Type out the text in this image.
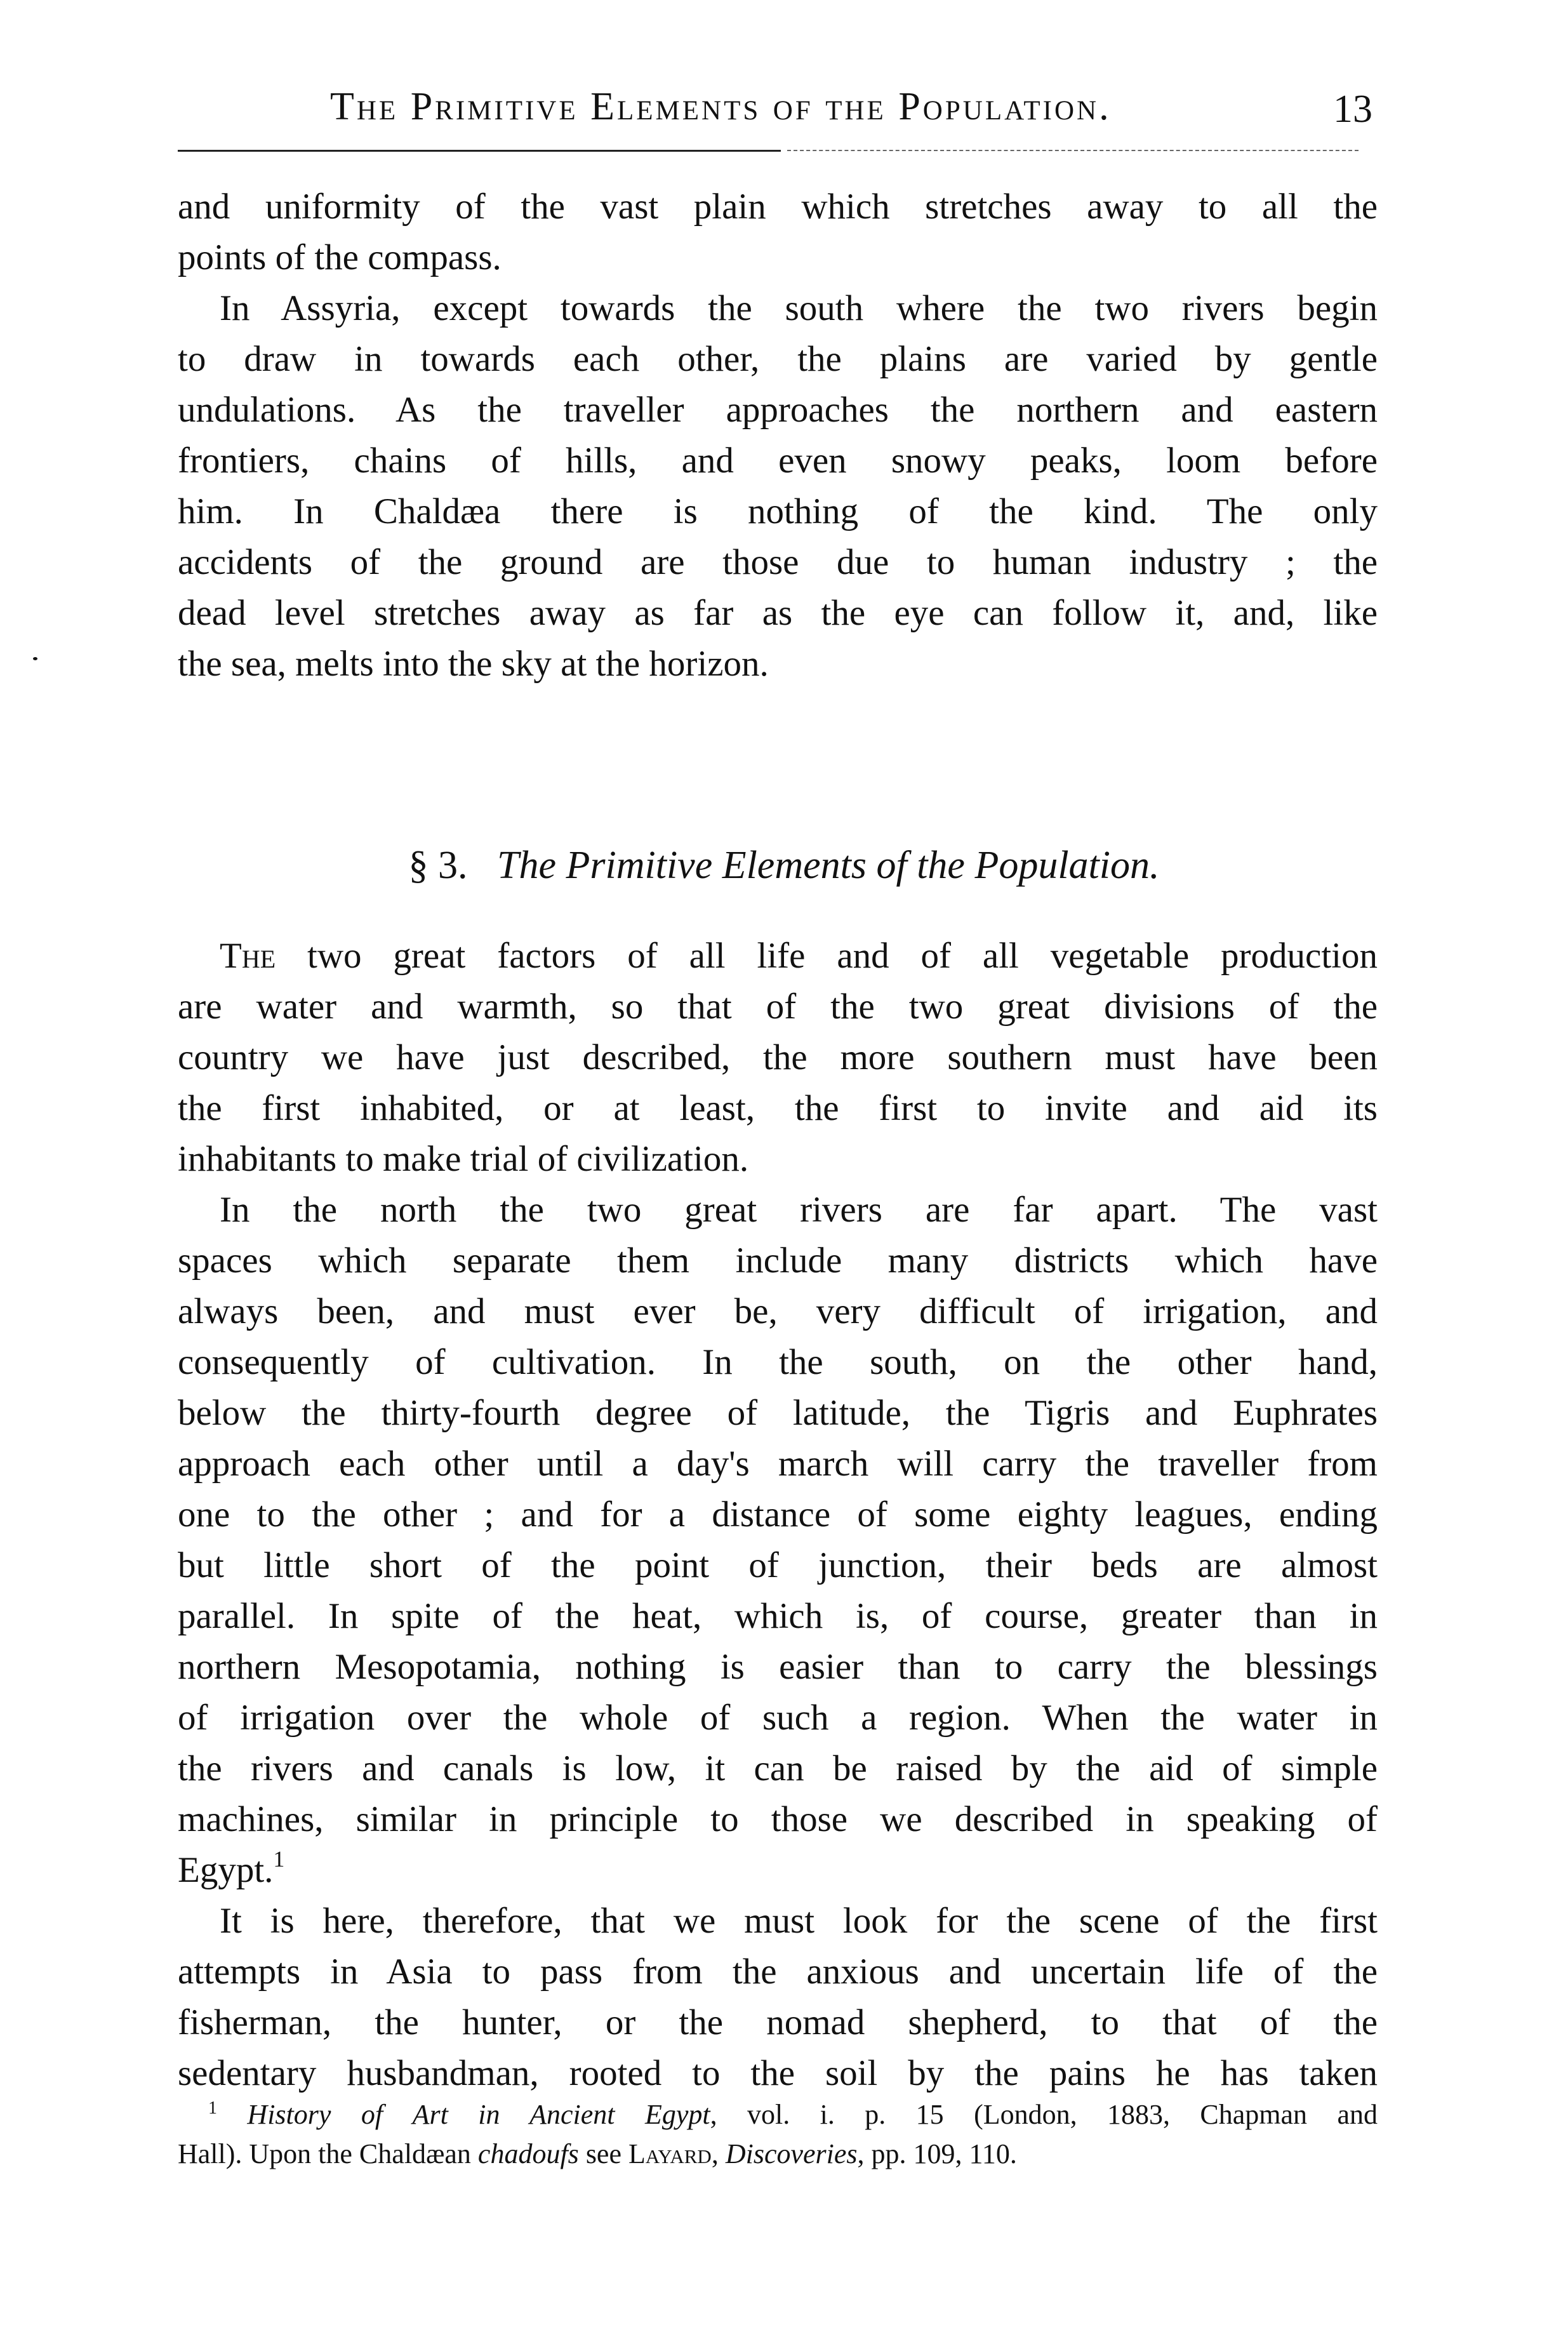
The Primitive Elements of the Population.	13
and uniformity of the vast plain which stretches away to all the
points of the compass.
In Assyria, except towards the south where the two rivers begin
to draw in towards each other, the plains are varied by gentle
undulations. As the traveller approaches the northern and eastern
frontiers, chains of hills, and even snowy peaks, loom before
him. In Chaldæa there is nothing of the kind. The only
accidents of the ground are those due to human industry ; the
dead level stretches away as far as the eye can follow it, and, like
the sea, melts into the sky at the horizon.
§ 3. The Primitive Elements of the Population.
The two great factors of all life and of all vegetable production
are water and warmth, so that of the two great divisions of the
country we have just described, the more southern must have been
the first inhabited, or at least, the first to invite and aid its
inhabitants to make trial of civilization.
In the north the two great rivers are far apart. The vast
spaces which separate them include many districts which have
always been, and must ever be, very difficult of irrigation, and
consequently of cultivation. In the south, on the other hand,
below the thirty-fourth degree of latitude, the Tigris and Euphrates
approach each other until a day's march will carry the traveller from
one to the other ; and for a distance of some eighty leagues, ending
but little short of the point of junction, their beds are almost
parallel. In spite of the heat, which is, of course, greater than in
northern Mesopotamia, nothing is easier than to carry the blessings
of irrigation over the whole of such a region. When the water in
the rivers and canals is low, it can be raised by the aid of simple
machines, similar in principle to those we described in speaking of
Egypt.$^1$
It is here, therefore, that we must look for the scene of the first
attempts in Asia to pass from the anxious and uncertain life of the
fisherman, the hunter, or the nomad shepherd, to that of the
sedentary husbandman, rooted to the soil by the pains he has taken
$^1$ History of Art in Ancient Egypt, vol. i. p. 15 (London, 1883, Chapman and
Hall). Upon the Chaldæan chadoufs see Layard, Discoveries, pp. 109, 110.
